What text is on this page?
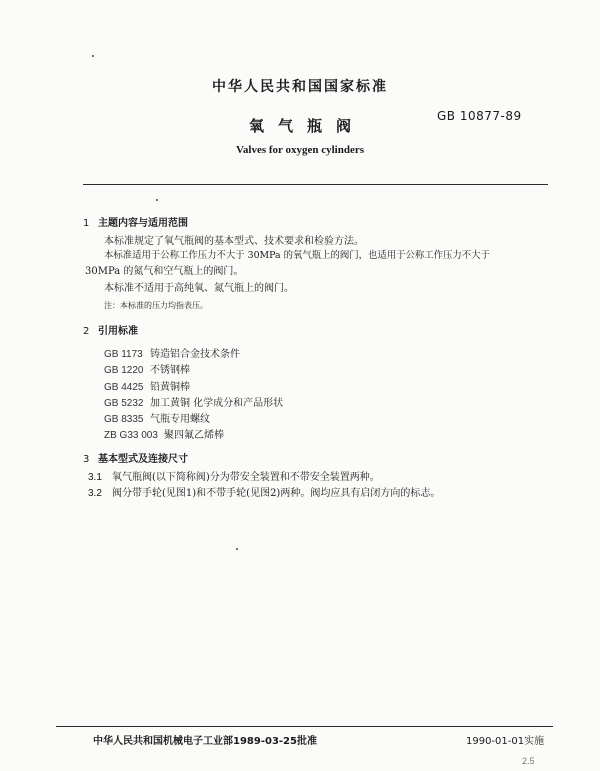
中华人民共和国国家标准
GB 10877-89
氧气瓶阀
Valves for oxygen cylinders
1 主题内容与适用范围
本标准规定了氧气瓶阀的基本型式、技术要求和检验方法。
本标准适用于公称工作压力不大于 30MPa 的氧气瓶上的阀门，也适用于公称工作压力不大于
30MPa 的氮气和空气瓶上的阀门。
本标准不适用于高纯氧、氮气瓶上的阀门。
注：本标准的压力均指表压。
2 引用标准
GB 1173 铸造铝合金技术条件
GB 1220 不锈钢棒
GB 4425 铅黄铜棒
GB 5232 加工黄铜 化学成分和产品形状
GB 8335 气瓶专用螺纹
ZB G33 003 聚四氟乙烯棒
3 基本型式及连接尺寸
3.1 氧气瓶阀(以下简称阀)分为带安全装置和不带安全装置两种。
3.2 阀分带手轮(见图1)和不带手轮(见图2)两种。阀均应具有启闭方向的标志。
中华人民共和国机械电子工业部1989-03-25批准	1990-01-01实施
2.5
